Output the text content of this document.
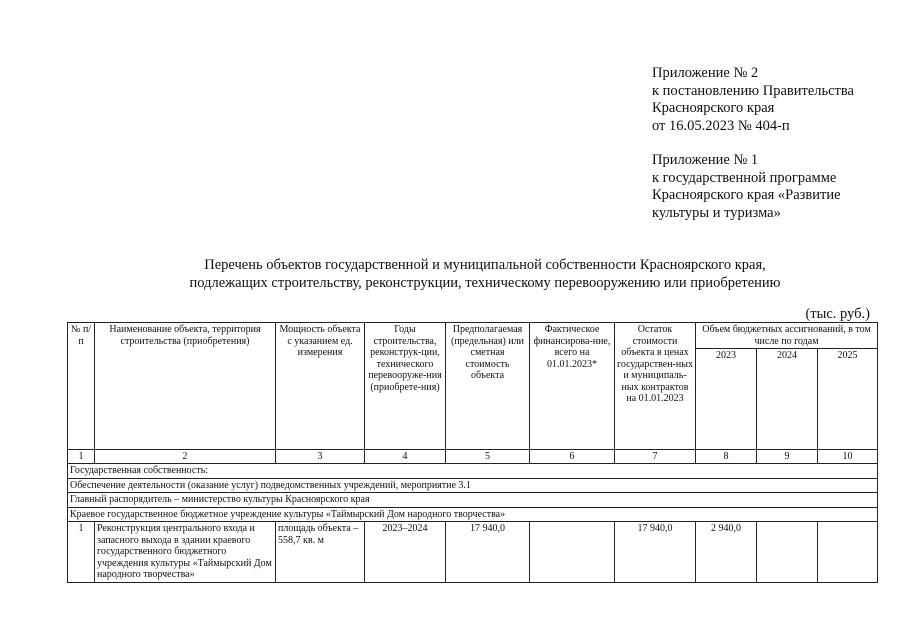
Приложение № 2
к постановлению Правительства
Красноярского края
от 16.05.2023 № 404-п
Приложение № 1
к государственной программе
Красноярского края «Развитие
культуры и туризма»
Перечень объектов государственной и муниципальной собственности Красноярского края,
подлежащих строительству, реконструкции, техническому перевооружению или приобретению
(тыс. руб.)
№ п/п	Наименование объекта, территория строительства (приобретения)	Мощность объекта с указанием ед. измерения	Годы строительства, реконструк-ции, технического перевооруже-ния (приобрете-ния)	Предполагаемая (предельная) или сметная стоимость объекта	Фактическое финансирова-ние, всего на 01.01.2023*	Остаток стоимости объекта в ценах государствен-ных и муниципаль-ных контрактов на 01.01.2023	Объем бюджетных ассигнований, в том числе по годам		
							2023	2024	2025
1	2	3	4	5	6	7	8	9	10
Государственная собственность:									
Обеспечение деятельности (оказание услуг) подведомственных учреждений, мероприятие 3.1									
Главный распорядитель – министерство культуры Красноярского края									
Краевое государственное бюджетное учреждение культуры «Таймырский Дом народного творчества»									
1	Реконструкция центрального входа и запасного выхода в здании краевого государственного бюджетного учреждения культуры «Таймырский Дом народного творчества»	площадь объекта – 558,7 кв. м	2023–2024	17 940,0		17 940,0	2 940,0		
